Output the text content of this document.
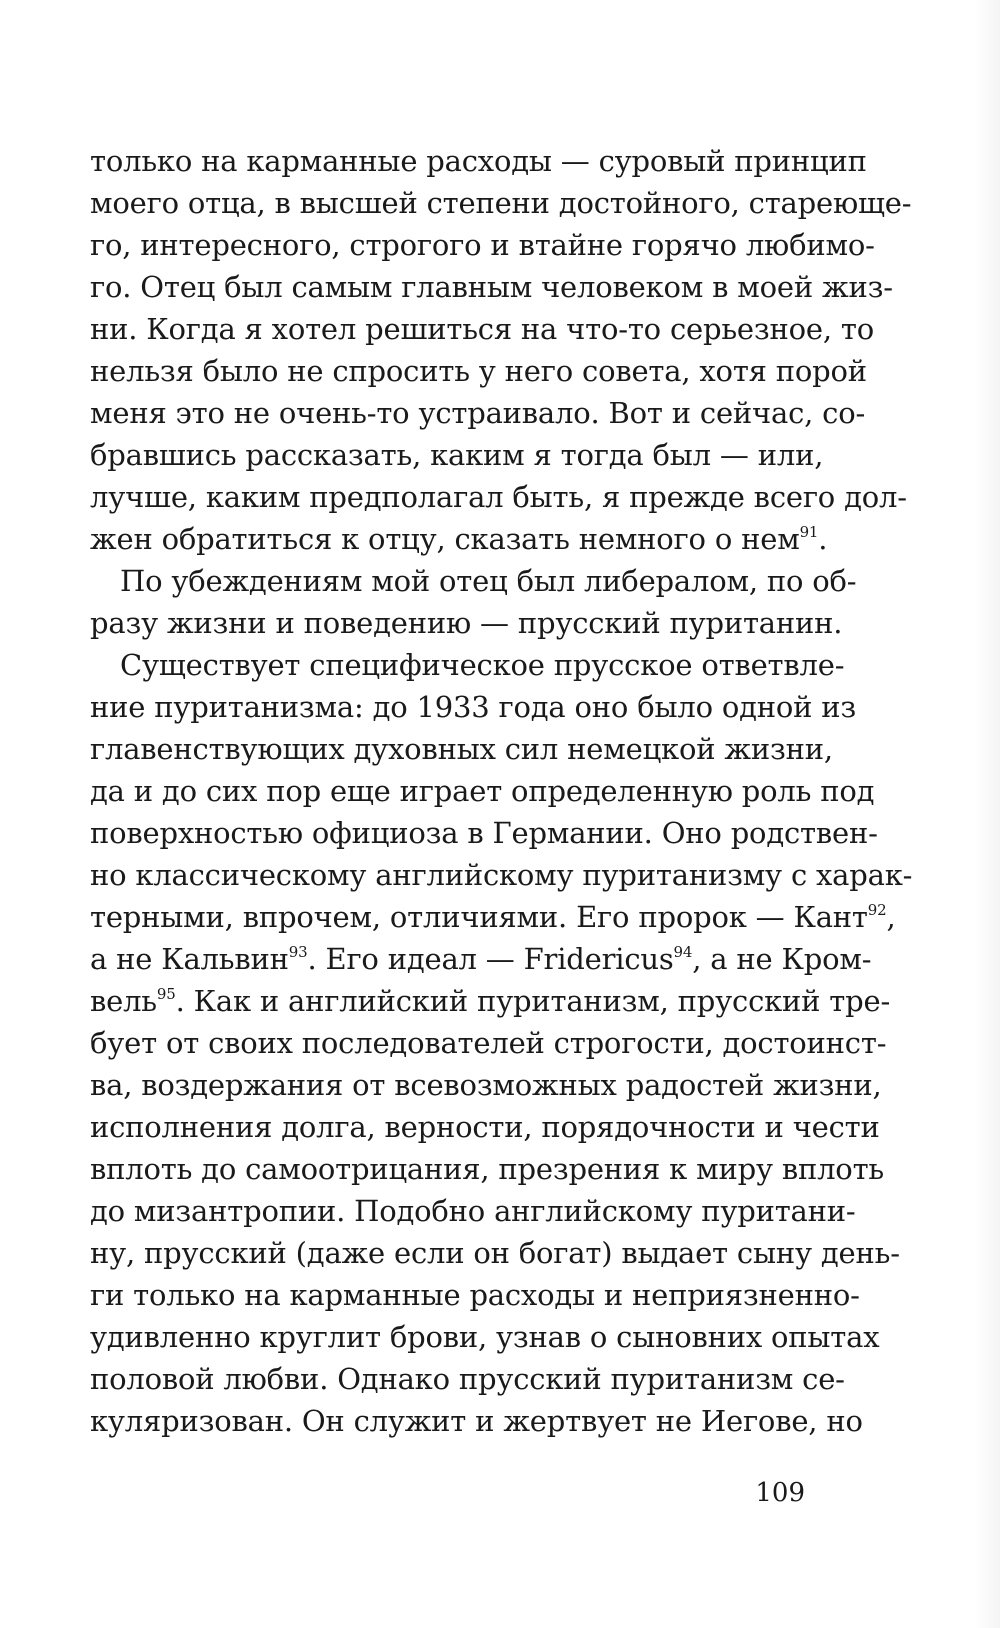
только на карманные расходы — суровый принцип
моего отца, в высшей степени достойного, стареюще-
го, интересного, строгого и втайне горячо любимо-
го. Отец был самым главным человеком в моей жиз-
ни. Когда я хотел решиться на что-то серьезное, то
нельзя было не спросить у него совета, хотя порой
меня это не очень-то устраивало. Вот и сейчас, со-
бравшись рассказать, каким я тогда был — или,
лучше, каким предполагал быть, я прежде всего дол-
жен обратиться к отцу, сказать немного о нем$^{91}$.
По убеждениям мой отец был либералом, по об-
разу жизни и поведению — прусский пуританин.
Существует специфическое прусское ответвле-
ние пуританизма: до 1933 года оно было одной из
главенствующих духовных сил немецкой жизни,
да и до сих пор еще играет определенную роль под
поверхностью официоза в Германии. Оно родствен-
но классическому английскому пуританизму с харак-
терными, впрочем, отличиями. Его пророк — Кант$^{92}$,
а не Кальвин$^{93}$. Его идеал — Fridericus$^{94}$, а не Кром-
вель$^{95}$. Как и английский пуританизм, прусский тре-
бует от своих последователей строгости, достоинст-
ва, воздержания от всевозможных радостей жизни,
исполнения долга, верности, порядочности и чести
вплоть до самоотрицания, презрения к миру вплоть
до мизантропии. Подобно английскому пуритани-
ну, прусский (даже если он богат) выдает сыну день-
ги только на карманные расходы и неприязненно-
удивленно круглит брови, узнав о сыновних опытах
половой любви. Однако прусский пуританизм се-
куляризован. Он служит и жертвует не Иегове, но
109
